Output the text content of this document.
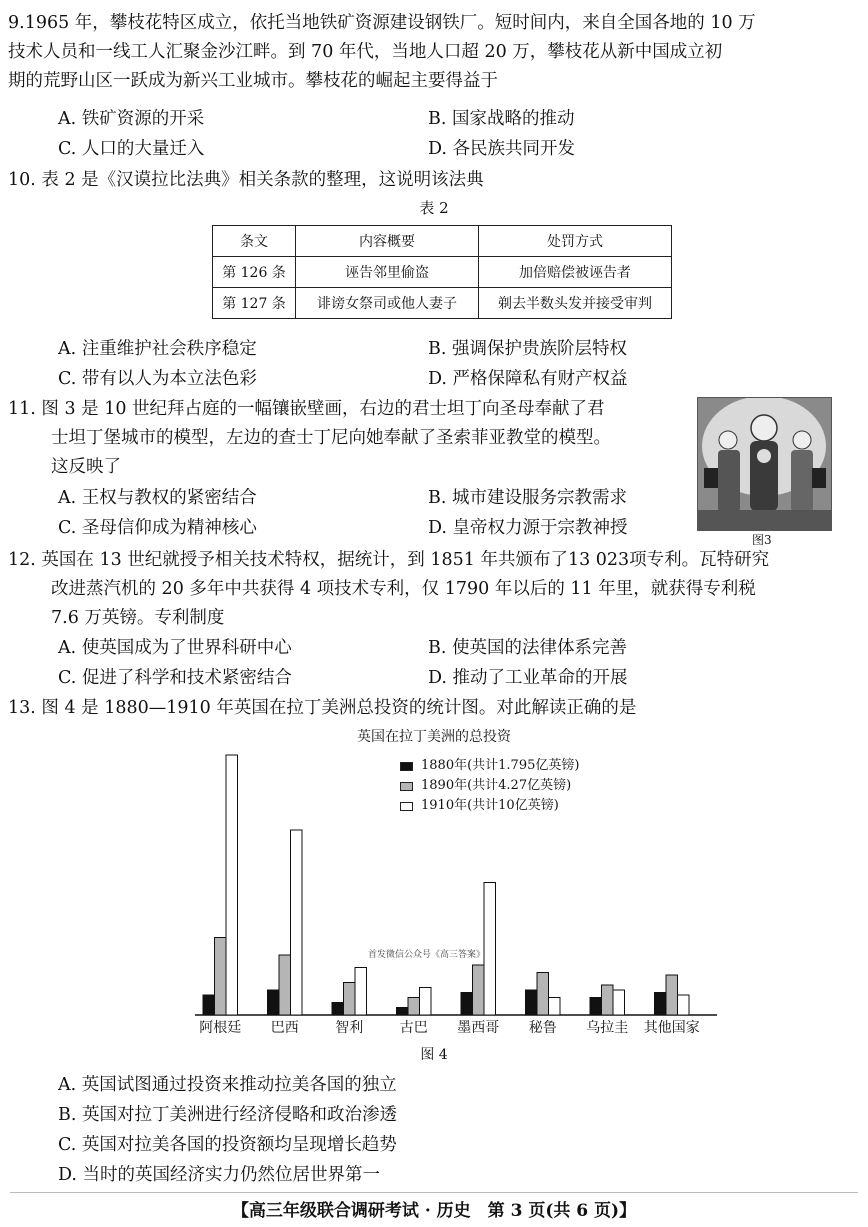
9.1965 年，攀枝花特区成立，依托当地铁矿资源建设钢铁厂。短时间内，来自全国各地的 10 万
技术人员和一线工人汇聚金沙江畔。到 70 年代，当地人口超 20 万，攀枝花从新中国成立初
期的荒野山区一跃成为新兴工业城市。攀枝花的崛起主要得益于
A. 铁矿资源的开采	B. 国家战略的推动
C. 人口的大量迁入	D. 各民族共同开发
10. 表 2 是《汉谟拉比法典》相关条款的整理，这说明该法典
表 2
条文	内容概要	处罚方式
第 126 条	诬告邻里偷盗	加倍赔偿被诬告者
第 127 条	诽谤女祭司或他人妻子	剃去半数头发并接受审判
A. 注重维护社会秩序稳定	B. 强调保护贵族阶层特权
C. 带有以人为本立法色彩	D. 严格保障私有财产权益
11. 图 3 是 10 世纪拜占庭的一幅镶嵌壁画，右边的君士坦丁向圣母奉献了君
士坦丁堡城市的模型，左边的查士丁尼向她奉献了圣索菲亚教堂的模型。
这反映了
图3
A. 王权与教权的紧密结合	B. 城市建设服务宗教需求
C. 圣母信仰成为精神核心	D. 皇帝权力源于宗教神授
12. 英国在 13 世纪就授予相关技术特权，据统计，到 1851 年共颁布了13 023项专利。瓦特研究
改进蒸汽机的 20 多年中共获得 4 项技术专利，仅 1790 年以后的 11 年里，就获得专利税
7.6 万英镑。专利制度
A. 使英国成为了世界科研中心	B. 使英国的法律体系完善
C. 促进了科学和技术紧密结合	D. 推动了工业革命的开展
13. 图 4 是 1880—1910 年英国在拉丁美洲总投资的统计图。对此解读正确的是
英国在拉丁美洲的总投资
1880年(共计1.795亿英镑)
1890年(共计4.27亿英镑)
1910年(共计10亿英镑)
阿根廷 巴西	智利	古巴 墨西哥 秘鲁 乌拉圭 其他国家
首发微信公众号《高三答案》
图 4
A. 英国试图通过投资来推动拉美各国的独立
B. 英国对拉丁美洲进行经济侵略和政治渗透
C. 英国对拉美各国的投资额均呈现增长趋势
D. 当时的英国经济实力仍然位居世界第一
【高三年级联合调研考试 · 历史　第 3 页(共 6 页)】
